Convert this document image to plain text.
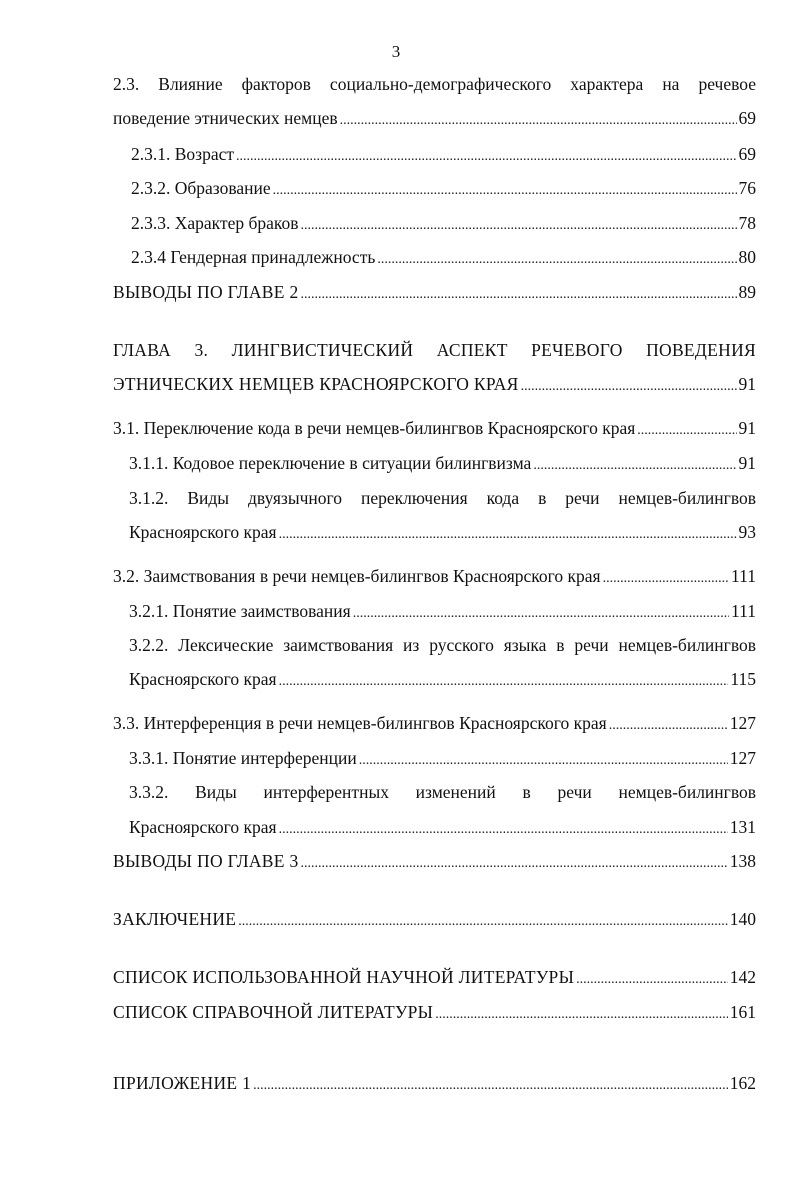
3
2.3. Влияние факторов социально-демографического характера на речевое
поведение этнических немцев .....	69
2.3.1. Возраст .....	69
2.3.2. Образование .....	76
2.3.3. Характер браков .....	78
2.3.4 Гендерная принадлежность .....	80
ВЫВОДЫ ПО ГЛАВЕ 2 .....	89
ГЛАВА 3. ЛИНГВИСТИЧЕСКИЙ АСПЕКТ РЕЧЕВОГО ПОВЕДЕНИЯ
ЭТНИЧЕСКИХ НЕМЦЕВ КРАСНОЯРСКОГО КРАЯ .....	91
3.1. Переключение кода в речи немцев-билингвов Красноярского края .....	91
3.1.1. Кодовое переключение в ситуации билингвизма .....	91
3.1.2. Виды двуязычного переключения кода в речи немцев-билингвов
Красноярского края .....	93
3.2. Заимствования в речи немцев-билингвов Красноярского края .....	111
3.2.1. Понятие заимствования .....	111
3.2.2. Лексические заимствования из русского языка в речи немцев-билингвов
Красноярского края .....	115
3.3. Интерференция в речи немцев-билингвов Красноярского края .....	127
3.3.1. Понятие интерференции .....	127
3.3.2. Виды интерферентных изменений в речи немцев-билингвов
Красноярского края .....	131
ВЫВОДЫ ПО ГЛАВЕ 3 .....	138
ЗАКЛЮЧЕНИЕ .....	140
СПИСОК ИСПОЛЬЗОВАННОЙ НАУЧНОЙ ЛИТЕРАТУРЫ .....	142
СПИСОК СПРАВОЧНОЙ ЛИТЕРАТУРЫ .....	161
ПРИЛОЖЕНИЕ 1 .....	162
